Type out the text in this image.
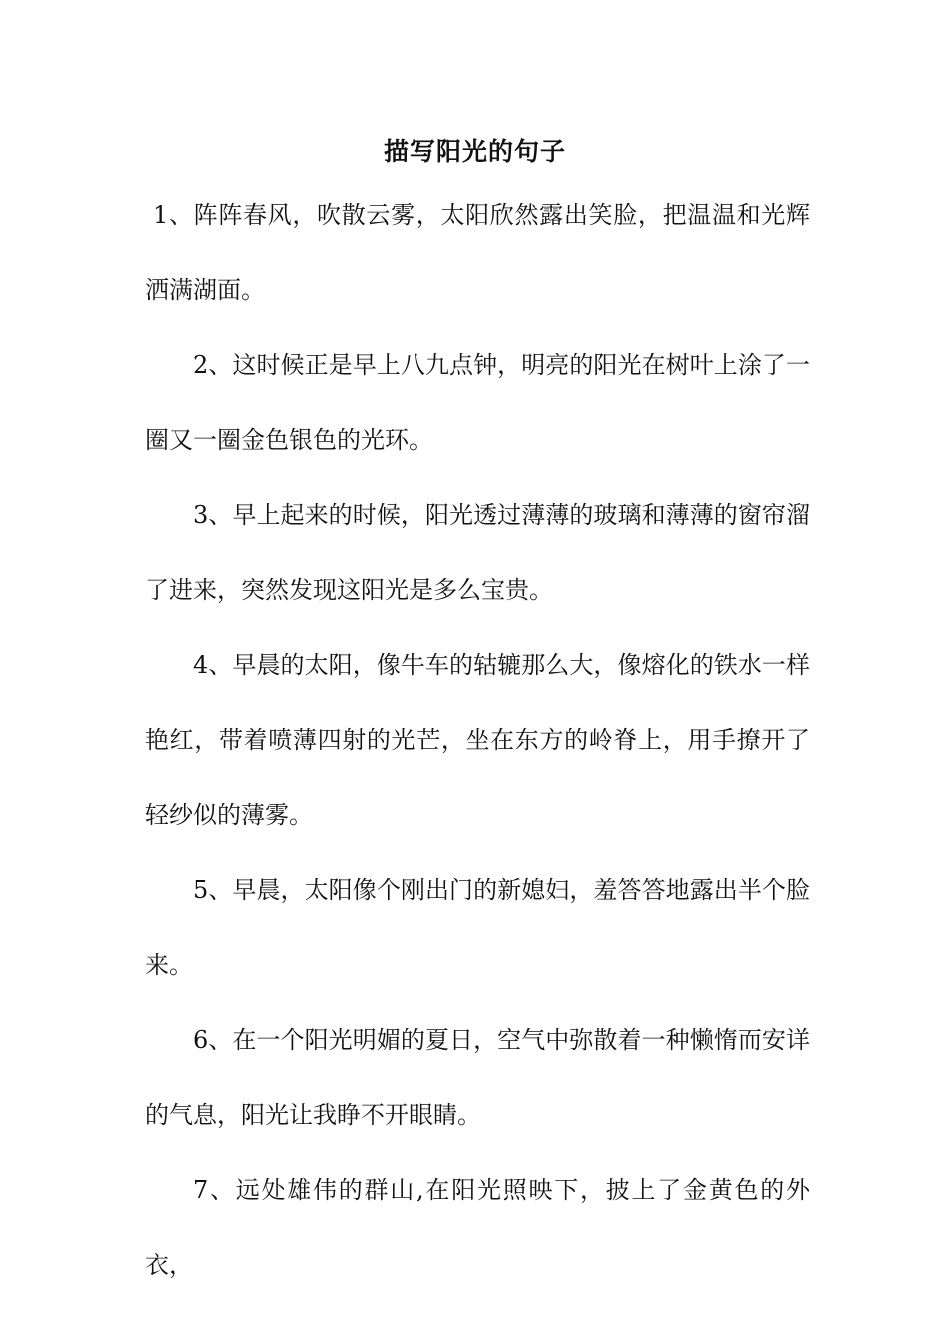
描写阳光的句子

1、阵阵春风，吹散云雾，太阳欣然露出笑脸，把温温和光辉洒满湖面。

2、这时候正是早上八九点钟，明亮的阳光在树叶上涂了一圈又一圈金色银色的光环。

3、早上起来的时候，阳光透过薄薄的玻璃和薄薄的窗帘溜了进来，突然发现这阳光是多么宝贵。

4、早晨的太阳，像牛车的轱辘那么大，像熔化的铁水一样艳红，带着喷薄四射的光芒，坐在东方的岭脊上，用手撩开了轻纱似的薄雾。

5、早晨，太阳像个刚出门的新媳妇，羞答答地露出半个脸来。

6、在一个阳光明媚的夏日，空气中弥散着一种懒惰而安详的气息，阳光让我睁不开眼睛。

7、远处雄伟的群山,在阳光照映下，披上了金黄色的外衣，
